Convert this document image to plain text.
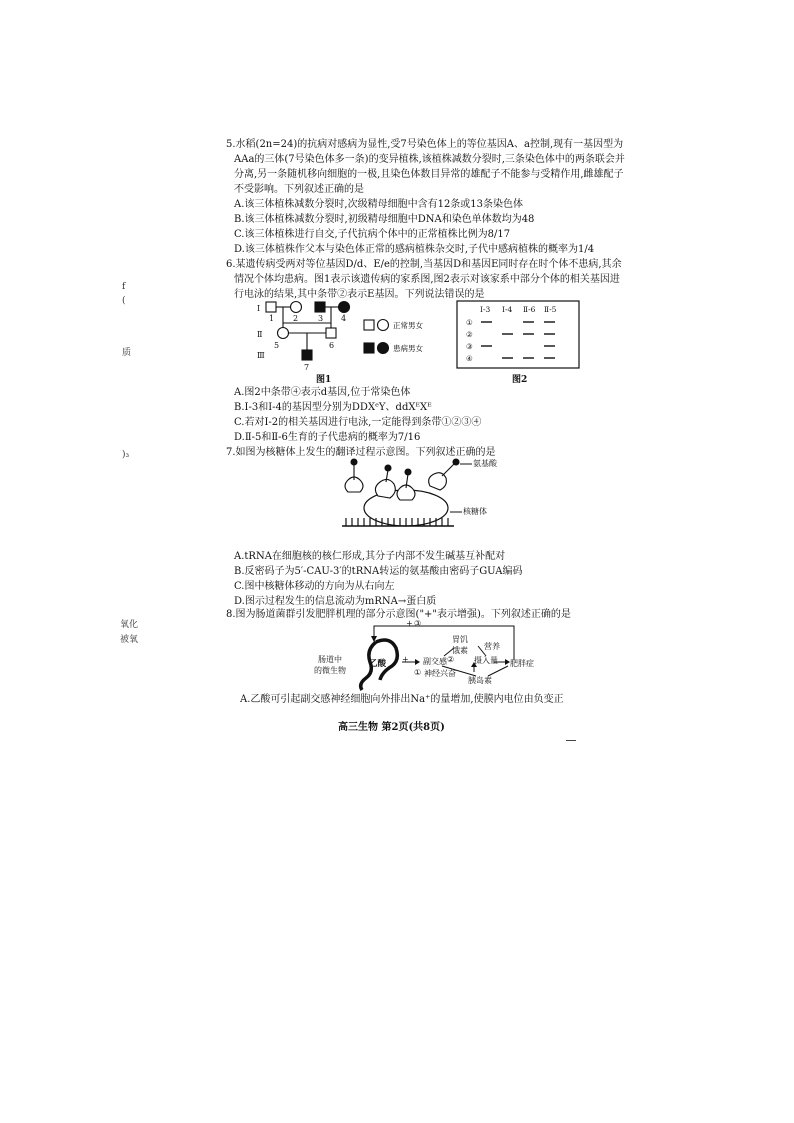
f
(
质
)₃
氧化
被氧
5.水稻(2n=24)的抗病对感病为显性,受7号染色体上的等位基因A、a控制,现有一基因型为
AAa的三体(7号染色体多一条)的变异植株,该植株减数分裂时,三条染色体中的两条联会并
分离,另一条随机移向细胞的一极,且染色体数目异常的雄配子不能参与受精作用,雌雄配子
不受影响。下列叙述正确的是
A.该三体植株减数分裂时,次级精母细胞中含有12条或13条染色体
B.该三体植株减数分裂时,初级精母细胞中DNA和染色单体数均为48
C.该三体植株进行自交,子代抗病个体中的正常植株比例为8/17
D.该三体植株作父本与染色体正常的感病植株杂交时,子代中感病植株的概率为1/4
6.某遗传病受两对等位基因D/d、E/e的控制,当基因D和基因E同时存在时个体不患病,其余
情况个体均患病。图1表示该遗传病的家系图,图2表示对该家系中部分个体的相关基因进
行电泳的结果,其中条带②表示E基因。下列说法错误的是
Ⅰ
Ⅱ
Ⅲ
1 2 3 4
5	6
7
正常男女
患病男女
图1
Ⅰ-3 Ⅰ-4 Ⅱ-6 Ⅱ-5
①
②
③
④
图2
A.图2中条带④表示d基因,位于常染色体
B.Ⅰ-3和Ⅰ-4的基因型分别为DDXᵉY、ddXᴱXᴱ
C.若对Ⅰ-2的相关基因进行电泳,一定能得到条带①②③④
D.Ⅱ-5和Ⅱ-6生育的子代患病的概率为7/16
7.如图为核糖体上发生的翻译过程示意图。下列叙述正确的是
氨基酸
核糖体
A.tRNA在细胞核的核仁形成,其分子内部不发生碱基互补配对
B.反密码子为5′-CAU-3′的tRNA转运的氨基酸由密码子GUA编码
C.图中核糖体移动的方向为从右向左
D.图示过程发生的信息流动为mRNA→蛋白质
8.图为肠道菌群引发肥胖机理的部分示意图("+"表示增强)。下列叙述正确的是
肠道中
的微生物
乙酸
+ ③
副交感
神经兴奋
①
+
胃饥
饿素
②
营养
摄入量
胰岛素
肥胖症
A.乙酸可引起副交感神经细胞向外排出Na⁺的量增加,使膜内电位由负变正
高三生物 第2页(共8页)
